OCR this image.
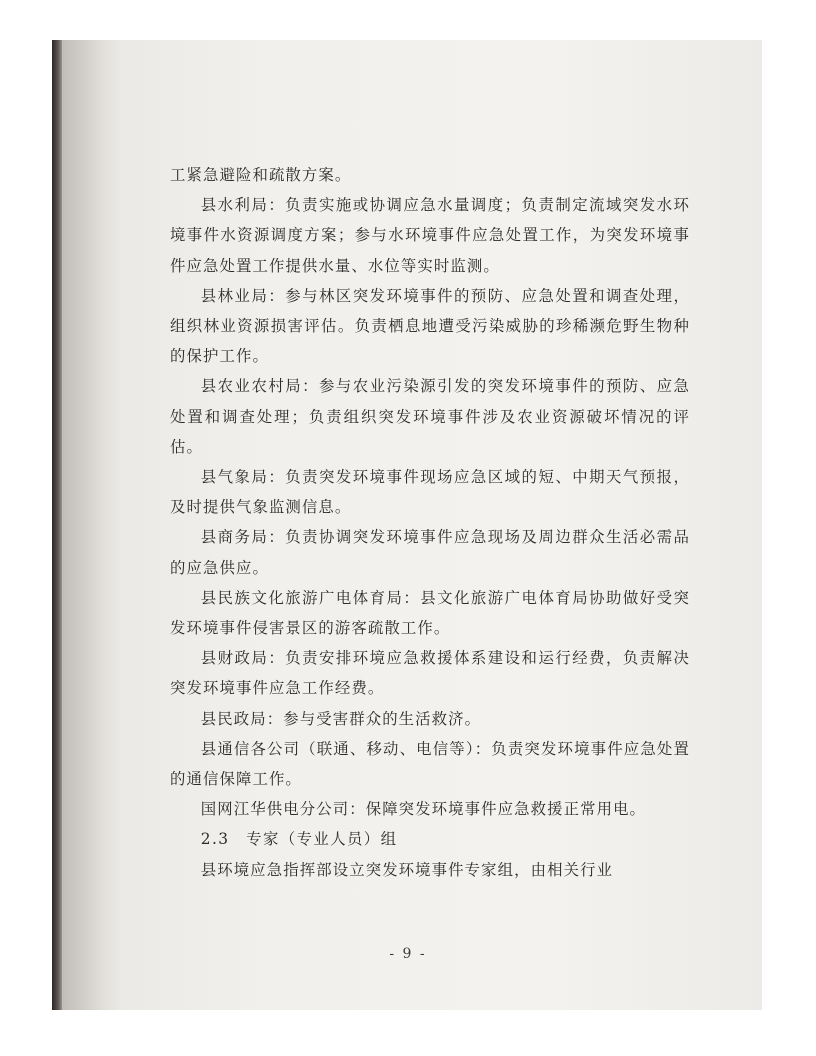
工紧急避险和疏散方案。

县水利局：负责实施或协调应急水量调度；负责制定流域突发水环境事件水资源调度方案；参与水环境事件应急处置工作，为突发环境事件应急处置工作提供水量、水位等实时监测。

县林业局：参与林区突发环境事件的预防、应急处置和调查处理，组织林业资源损害评估。负责栖息地遭受污染威胁的珍稀濒危野生物种的保护工作。

县农业农村局：参与农业污染源引发的突发环境事件的预防、应急处置和调查处理；负责组织突发环境事件涉及农业资源破坏情况的评估。

县气象局：负责突发环境事件现场应急区域的短、中期天气预报，及时提供气象监测信息。

县商务局：负责协调突发环境事件应急现场及周边群众生活必需品的应急供应。

县民族文化旅游广电体育局：县文化旅游广电体育局协助做好受突发环境事件侵害景区的游客疏散工作。

县财政局：负责安排环境应急救援体系建设和运行经费，负责解决突发环境事件应急工作经费。

县民政局：参与受害群众的生活救济。

县通信各公司（联通、移动、电信等）：负责突发环境事件应急处置的通信保障工作。

国网江华供电分公司：保障突发环境事件应急救援正常用电。

2.3　专家（专业人员）组

县环境应急指挥部设立突发环境事件专家组，由相关行业

- 9 -
